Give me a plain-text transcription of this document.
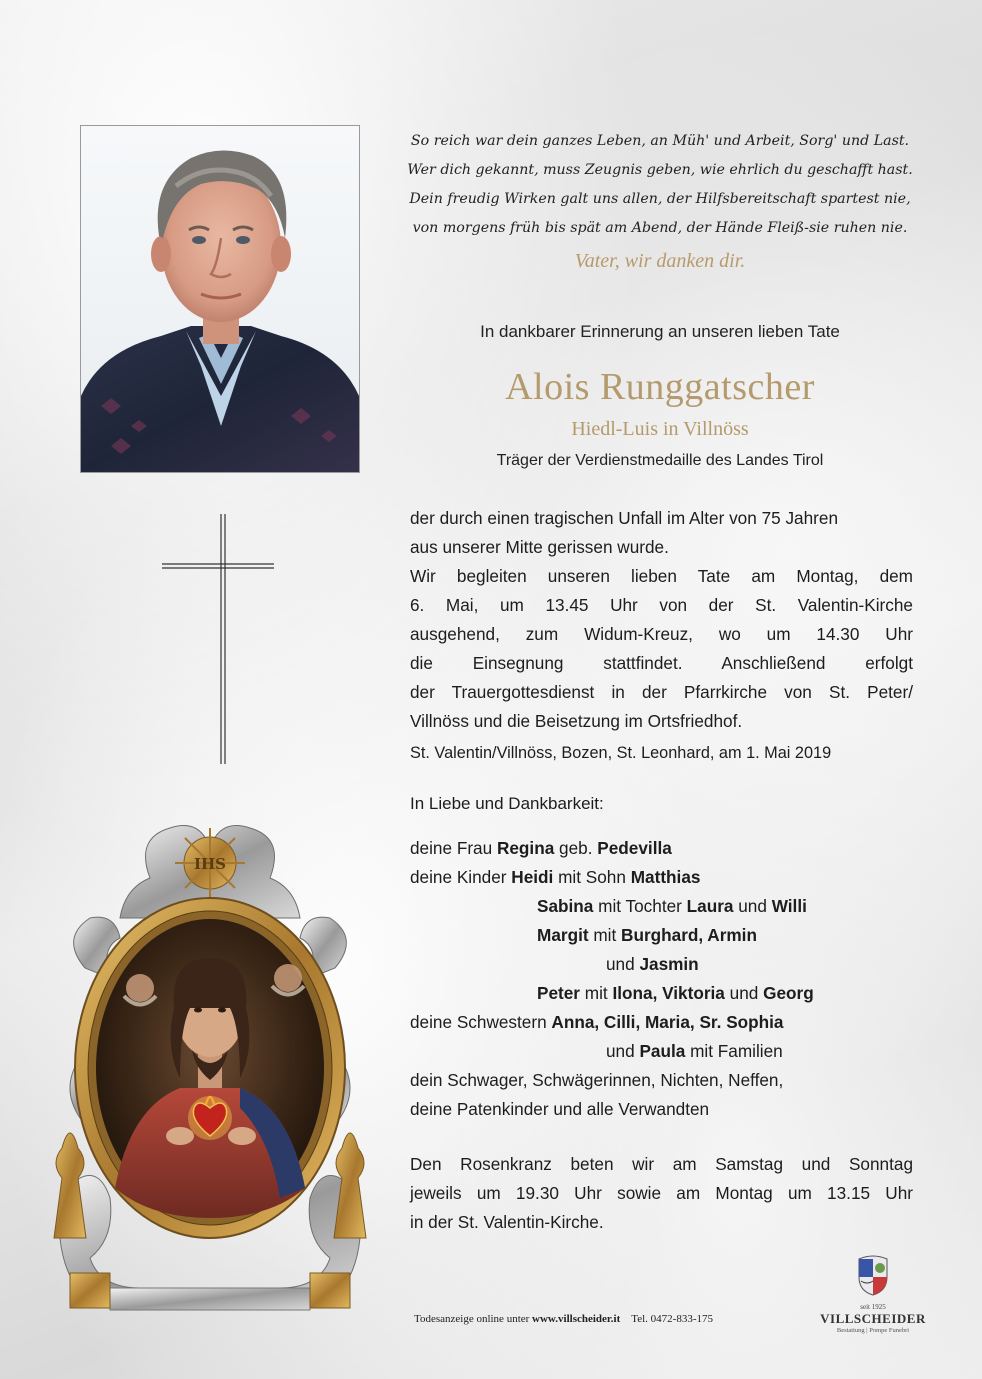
So reich war dein ganzes Leben, an Müh' und Arbeit, Sorg' und Last.
Wer dich gekannt, muss Zeugnis geben, wie ehrlich du geschafft hast.
Dein freudig Wirken galt uns allen, der Hilfsbereitschaft spartest nie,
von morgens früh bis spät am Abend, der Hände Fleiß-sie ruhen nie.
Vater, wir danken dir.
In dankbarer Erinnerung an unseren lieben Tate
Alois Runggatscher
Hiedl-Luis in Villnöss
Träger der Verdienstmedaille des Landes Tirol
der durch einen tragischen Unfall im Alter von 75 Jahren
aus unserer Mitte gerissen wurde.
Wir begleiten unseren lieben Tate am Montag, dem
6. Mai, um 13.45 Uhr von der St. Valentin-Kirche
ausgehend, zum Widum-Kreuz, wo um 14.30 Uhr
die Einsegnung stattfindet. Anschließend erfolgt
der Trauergottesdienst in der Pfarrkirche von St. Peter/
Villnöss und die Beisetzung im Ortsfriedhof.
St. Valentin/Villnöss, Bozen, St. Leonhard, am 1. Mai 2019
In Liebe und Dankbarkeit:
deine Frau Regina geb. Pedevilla
deine Kinder Heidi mit Sohn Matthias
Sabina mit Tochter Laura und Willi
Margit mit Burghard, Armin
und Jasmin
Peter mit Ilona, Viktoria und Georg
deine Schwestern Anna, Cilli, Maria, Sr. Sophia
und Paula mit Familien
dein Schwager, Schwägerinnen, Nichten, Neffen,
deine Patenkinder und alle Verwandten
Den Rosenkranz beten wir am Samstag und Sonntag
jeweils um 19.30 Uhr sowie am Montag um 13.15 Uhr
in der St. Valentin-Kirche.
IHS
Todesanzeige online unter www.villscheider.it Tel. 0472-833-175
seit 1925
VILLSCHEIDER
Bestattung | Pompe Funebri
